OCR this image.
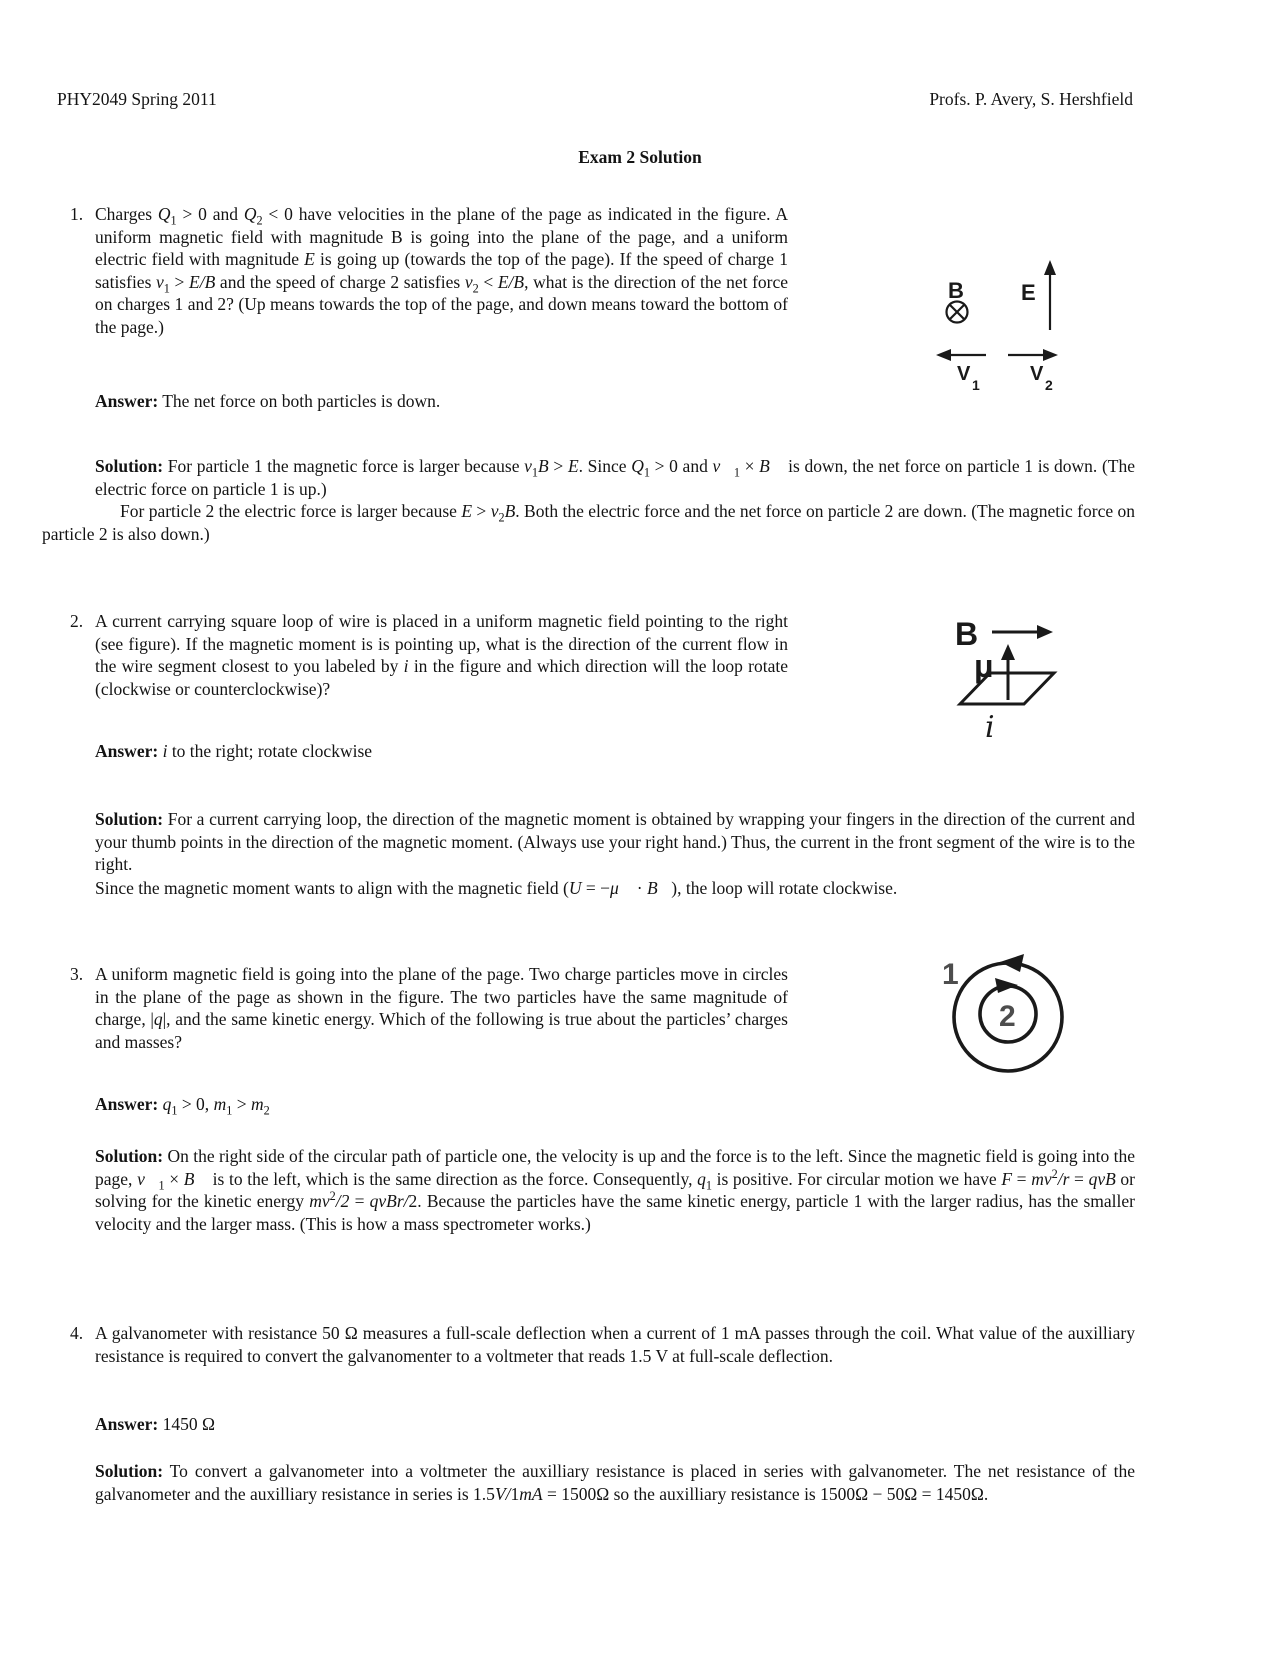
PHY2049 Spring 2011	Profs. P. Avery, S. Hershfield
Exam 2 Solution
1. Charges $Q_1 > 0$ and $Q_2 < 0$ have velocities in the plane of the page as indicated in the figure. A uniform magnetic field with magnitude B is going into the plane of the page, and a uniform electric field with magnitude E is going up (towards the top of the page). If the speed of charge 1 satisfies $v_1 > E/B$ and the speed of charge 2 satisfies $v_2 < E/B$, what is the direction of the net force on charges 1 and 2? (Up means towards the top of the page, and down means toward the bottom of the page.)
B	E
V 1	V 2
Answer: The net force on both particles is down.
Solution: For particle 1 the magnetic force is larger because $v_1B > E$. Since $Q_1 > 0$ and $v⃗_1$ × B⃗ is down, the net force on particle 1 is down. (The electric force on particle 1 is up.)
For particle 2 the electric force is larger because $E > v_2B$. Both the electric force and the net force on particle 2 are down. (The magnetic force on particle 2 is also down.)
2. A current carrying square loop of wire is placed in a uniform magnetic field pointing to the right (see figure). If the magnetic moment is is pointing up, what is the direction of the current flow in the wire segment closest to you labeled by i in the figure and which direction will the loop rotate (clockwise or counterclockwise)?
B
μ
i
Answer: i to the right; rotate clockwise
Solution: For a current carrying loop, the direction of the magnetic moment is obtained by wrapping your fingers in the direction of the current and your thumb points in the direction of the magnetic moment. (Always use your right hand.) Thus, the current in the front segment of the wire is to the right.
Since the magnetic moment wants to align with the magnetic field (U = −μ⃗ · B⃗), the loop will rotate clockwise.
3. A uniform magnetic field is going into the plane of the page. Two charge particles move in circles in the plane of the page as shown in the figure. The two particles have the same magnitude of charge, |q|, and the same kinetic energy. Which of the following is true about the particles’ charges and masses?
1
2
Answer: $q_1 > 0$, $m_1 > m_2$
Solution: On the right side of the circular path of particle one, the velocity is up and the force is to the left. Since the magnetic field is going into the page, $v⃗_1$ × B⃗ is to the left, which is the same direction as the force. Consequently, $q_1$ is positive. For circular motion we have $F = mv^2/r$ = qvB or solving for the kinetic energy $mv^2/2$ = qvBr/2. Because the particles have the same kinetic energy, particle 1 with the larger radius, has the smaller velocity and the larger mass. (This is how a mass spectrometer works.)
4. A galvanometer with resistance 50 Ω measures a full-scale deflection when a current of 1 mA passes through the coil. What value of the auxilliary resistance is required to convert the galvanomenter to a voltmeter that reads 1.5 V at full-scale deflection.
Answer: 1450 Ω
Solution: To convert a galvanometer into a voltmeter the auxilliary resistance is placed in series with galvanometer. The net resistance of the galvanometer and the auxilliary resistance in series is 1.5V/1mA = 1500Ω so the auxilliary resistance is 1500Ω − 50Ω = 1450Ω.
